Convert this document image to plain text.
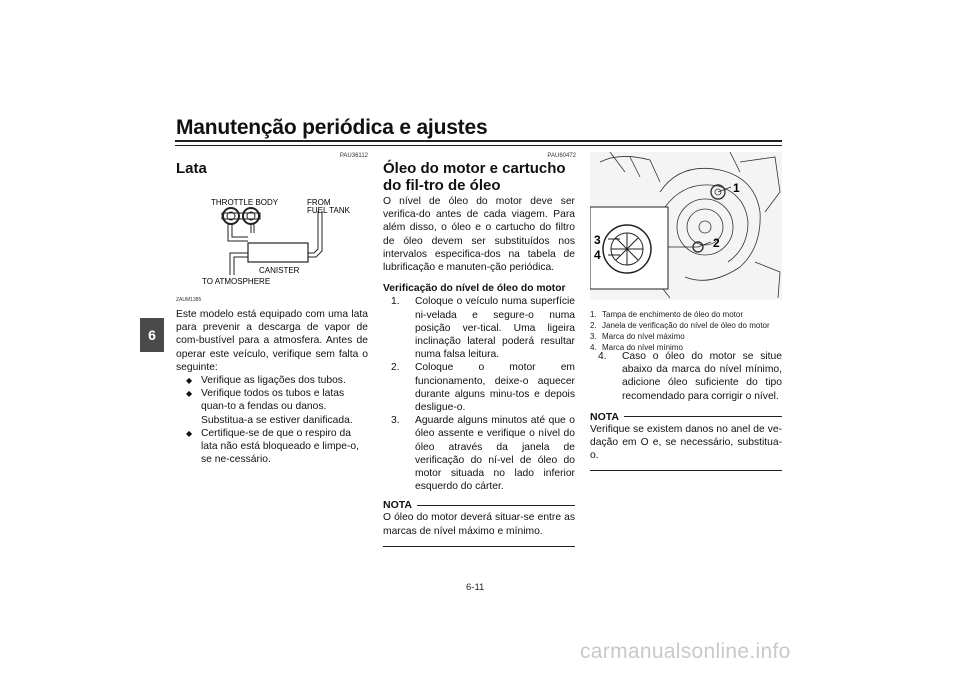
Manutenção periódica e ajustes
6
PAU36112
Lata
THROTTLE BODY	FROM
FUEL TANK
CANISTER
TO ATMOSPHERE
ZAUM1385
Este modelo está equipado com uma lata para prevenir a descarga de vapor de com-bustível para a atmosfera. Antes de operar este veículo, verifique sem falta o seguinte:
◆ Verifique as ligações dos tubos.
◆ Verifique todos os tubos e latas quan-to a fendas ou danos. Substitua-a se estiver danificada.
◆ Certifique-se de que o respiro da lata não está bloqueado e limpe-o, se ne-cessário.
PAU60472
Óleo do motor e cartucho do fil-tro de óleo
O nível de óleo do motor deve ser verifica-do antes de cada viagem. Para além disso, o óleo e o cartucho do filtro de óleo devem ser substituídos nos intervalos especifica-dos na tabela de lubrificação e manuten-ção periódica.
Verificação do nível de óleo do motor
1. Coloque o veículo numa superfície ni-velada e segure-o numa posição ver-tical. Uma ligeira inclinação lateral poderá resultar numa falsa leitura.
2. Coloque o motor em funcionamento, deixe-o aquecer durante alguns minu-tos e depois desligue-o.
3. Aguarde alguns minutos até que o óleo assente e verifique o nível do óleo através da janela de verificação do ní-vel de óleo do motor situada no lado inferior esquerdo do cárter.
NOTA
O óleo do motor deverá situar-se entre as marcas de nível máximo e mínimo.
1
2
3
4
1. Tampa de enchimento de óleo do motor
2. Janela de verificação do nível de óleo do motor
3. Marca do nível máximo
4. Marca do nível mínimo
4. Caso o óleo do motor se situe abaixo da marca do nível mínimo, adicione óleo suficiente do tipo recomendado para corrigir o nível.
NOTA
Verifique se existem danos no anel de ve-dação em O e, se necessário, substitua-o.
6-11
carmanualsonline.info
